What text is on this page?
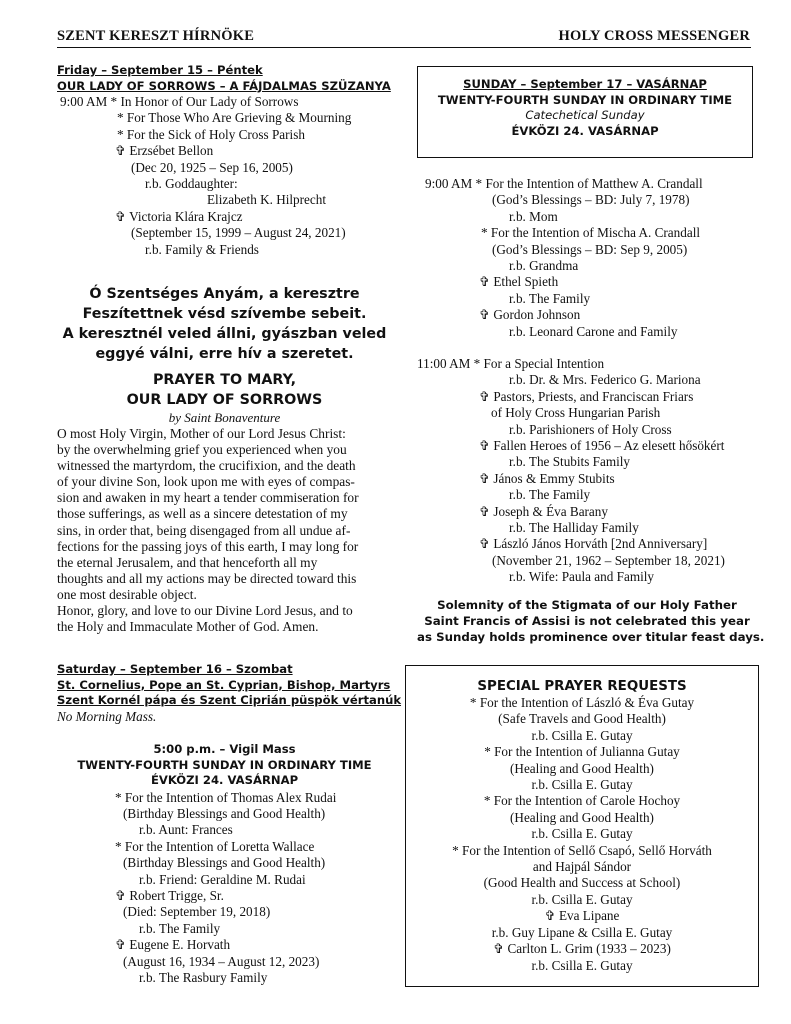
SZENT KERESZT HÍRNÖKE	HOLY CROSS MESSENGER
Friday – September 15 – Péntek
OUR LADY OF SORROWS – A FÁJDALMAS SZÜZANYA
9:00 AM * In Honor of Our Lady of Sorrows
* For Those Who Are Grieving & Mourning
* For the Sick of Holy Cross Parish
✞ Erzsébet Bellon
(Dec 20, 1925 – Sep 16, 2005)
r.b. Goddaughter:
Elizabeth K. Hilprecht
✞ Victoria Klára Krajcz
(September 15, 1999 – August 24, 2021)
r.b. Family & Friends
Ó Szentséges Anyám, a keresztre
Feszítettnek vésd szívembe sebeit.
A keresztnél veled állni, gyászban veled
eggyé válni, erre hív a szeretet.
PRAYER TO MARY,
OUR LADY OF SORROWS
by Saint Bonaventure
O most Holy Virgin, Mother of our Lord Jesus Christ:
by the overwhelming grief you experienced when you
witnessed the martyrdom, the crucifixion, and the death
of your divine Son, look upon me with eyes of compas-
sion and awaken in my heart a tender commiseration for
those sufferings, as well as a sincere detestation of my
sins, in order that, being disengaged from all undue af-
fections for the passing joys of this earth, I may long for
the eternal Jerusalem, and that henceforth all my
thoughts and all my actions may be directed toward this
one most desirable object.
Honor, glory, and love to our Divine Lord Jesus, and to
the Holy and Immaculate Mother of God. Amen.
Saturday – September 16 – Szombat
St. Cornelius, Pope an St. Cyprian, Bishop, Martyrs
Szent Kornél pápa és Szent Ciprián püspök vértanúk
No Morning Mass.
5:00 p.m. – Vigil Mass
TWENTY-FOURTH SUNDAY IN ORDINARY TIME
ÉVKÖZI 24. VASÁRNAP
* For the Intention of Thomas Alex Rudai
(Birthday Blessings and Good Health)
r.b. Aunt: Frances
* For the Intention of Loretta Wallace
(Birthday Blessings and Good Health)
r.b. Friend: Geraldine M. Rudai
✞ Robert Trigge, Sr.
(Died: September 19, 2018)
r.b. The Family
✞ Eugene E. Horvath
(August 16, 1934 – August 12, 2023)
r.b. The Rasbury Family
SUNDAY – September 17 – VASÁRNAP
TWENTY-FOURTH SUNDAY IN ORDINARY TIME
Catechetical Sunday
ÉVKÖZI 24. VASÁRNAP
9:00 AM * For the Intention of Matthew A. Crandall
(God’s Blessings – BD: July 7, 1978)
r.b. Mom
* For the Intention of Mischa A. Crandall
(God’s Blessings – BD: Sep 9, 2005)
r.b. Grandma
✞ Ethel Spieth
r.b. The Family
✞ Gordon Johnson
r.b. Leonard Carone and Family
11:00 AM * For a Special Intention
r.b. Dr. & Mrs. Federico G. Mariona
✞ Pastors, Priests, and Franciscan Friars
of Holy Cross Hungarian Parish
r.b. Parishioners of Holy Cross
✞ Fallen Heroes of 1956 – Az elesett hősökért
r.b. The Stubits Family
✞ János & Emmy Stubits
r.b. The Family
✞ Joseph & Éva Barany
r.b. The Halliday Family
✞ László János Horváth [2nd Anniversary]
(November 21, 1962 – September 18, 2021)
r.b. Wife: Paula and Family
Solemnity of the Stigmata of our Holy Father
Saint Francis of Assisi is not celebrated this year
as Sunday holds prominence over titular feast days.
SPECIAL PRAYER REQUESTS
* For the Intention of László & Éva Gutay
(Safe Travels and Good Health)
r.b. Csilla E. Gutay
* For the Intention of Julianna Gutay
(Healing and Good Health)
r.b. Csilla E. Gutay
* For the Intention of Carole Hochoy
(Healing and Good Health)
r.b. Csilla E. Gutay
* For the Intention of Sellő Csapó, Sellő Horváth
and Hajpál Sándor
(Good Health and Success at School)
r.b. Csilla E. Gutay
✞ Eva Lipane
r.b. Guy Lipane & Csilla E. Gutay
✞ Carlton L. Grim (1933 – 2023)
r.b. Csilla E. Gutay
